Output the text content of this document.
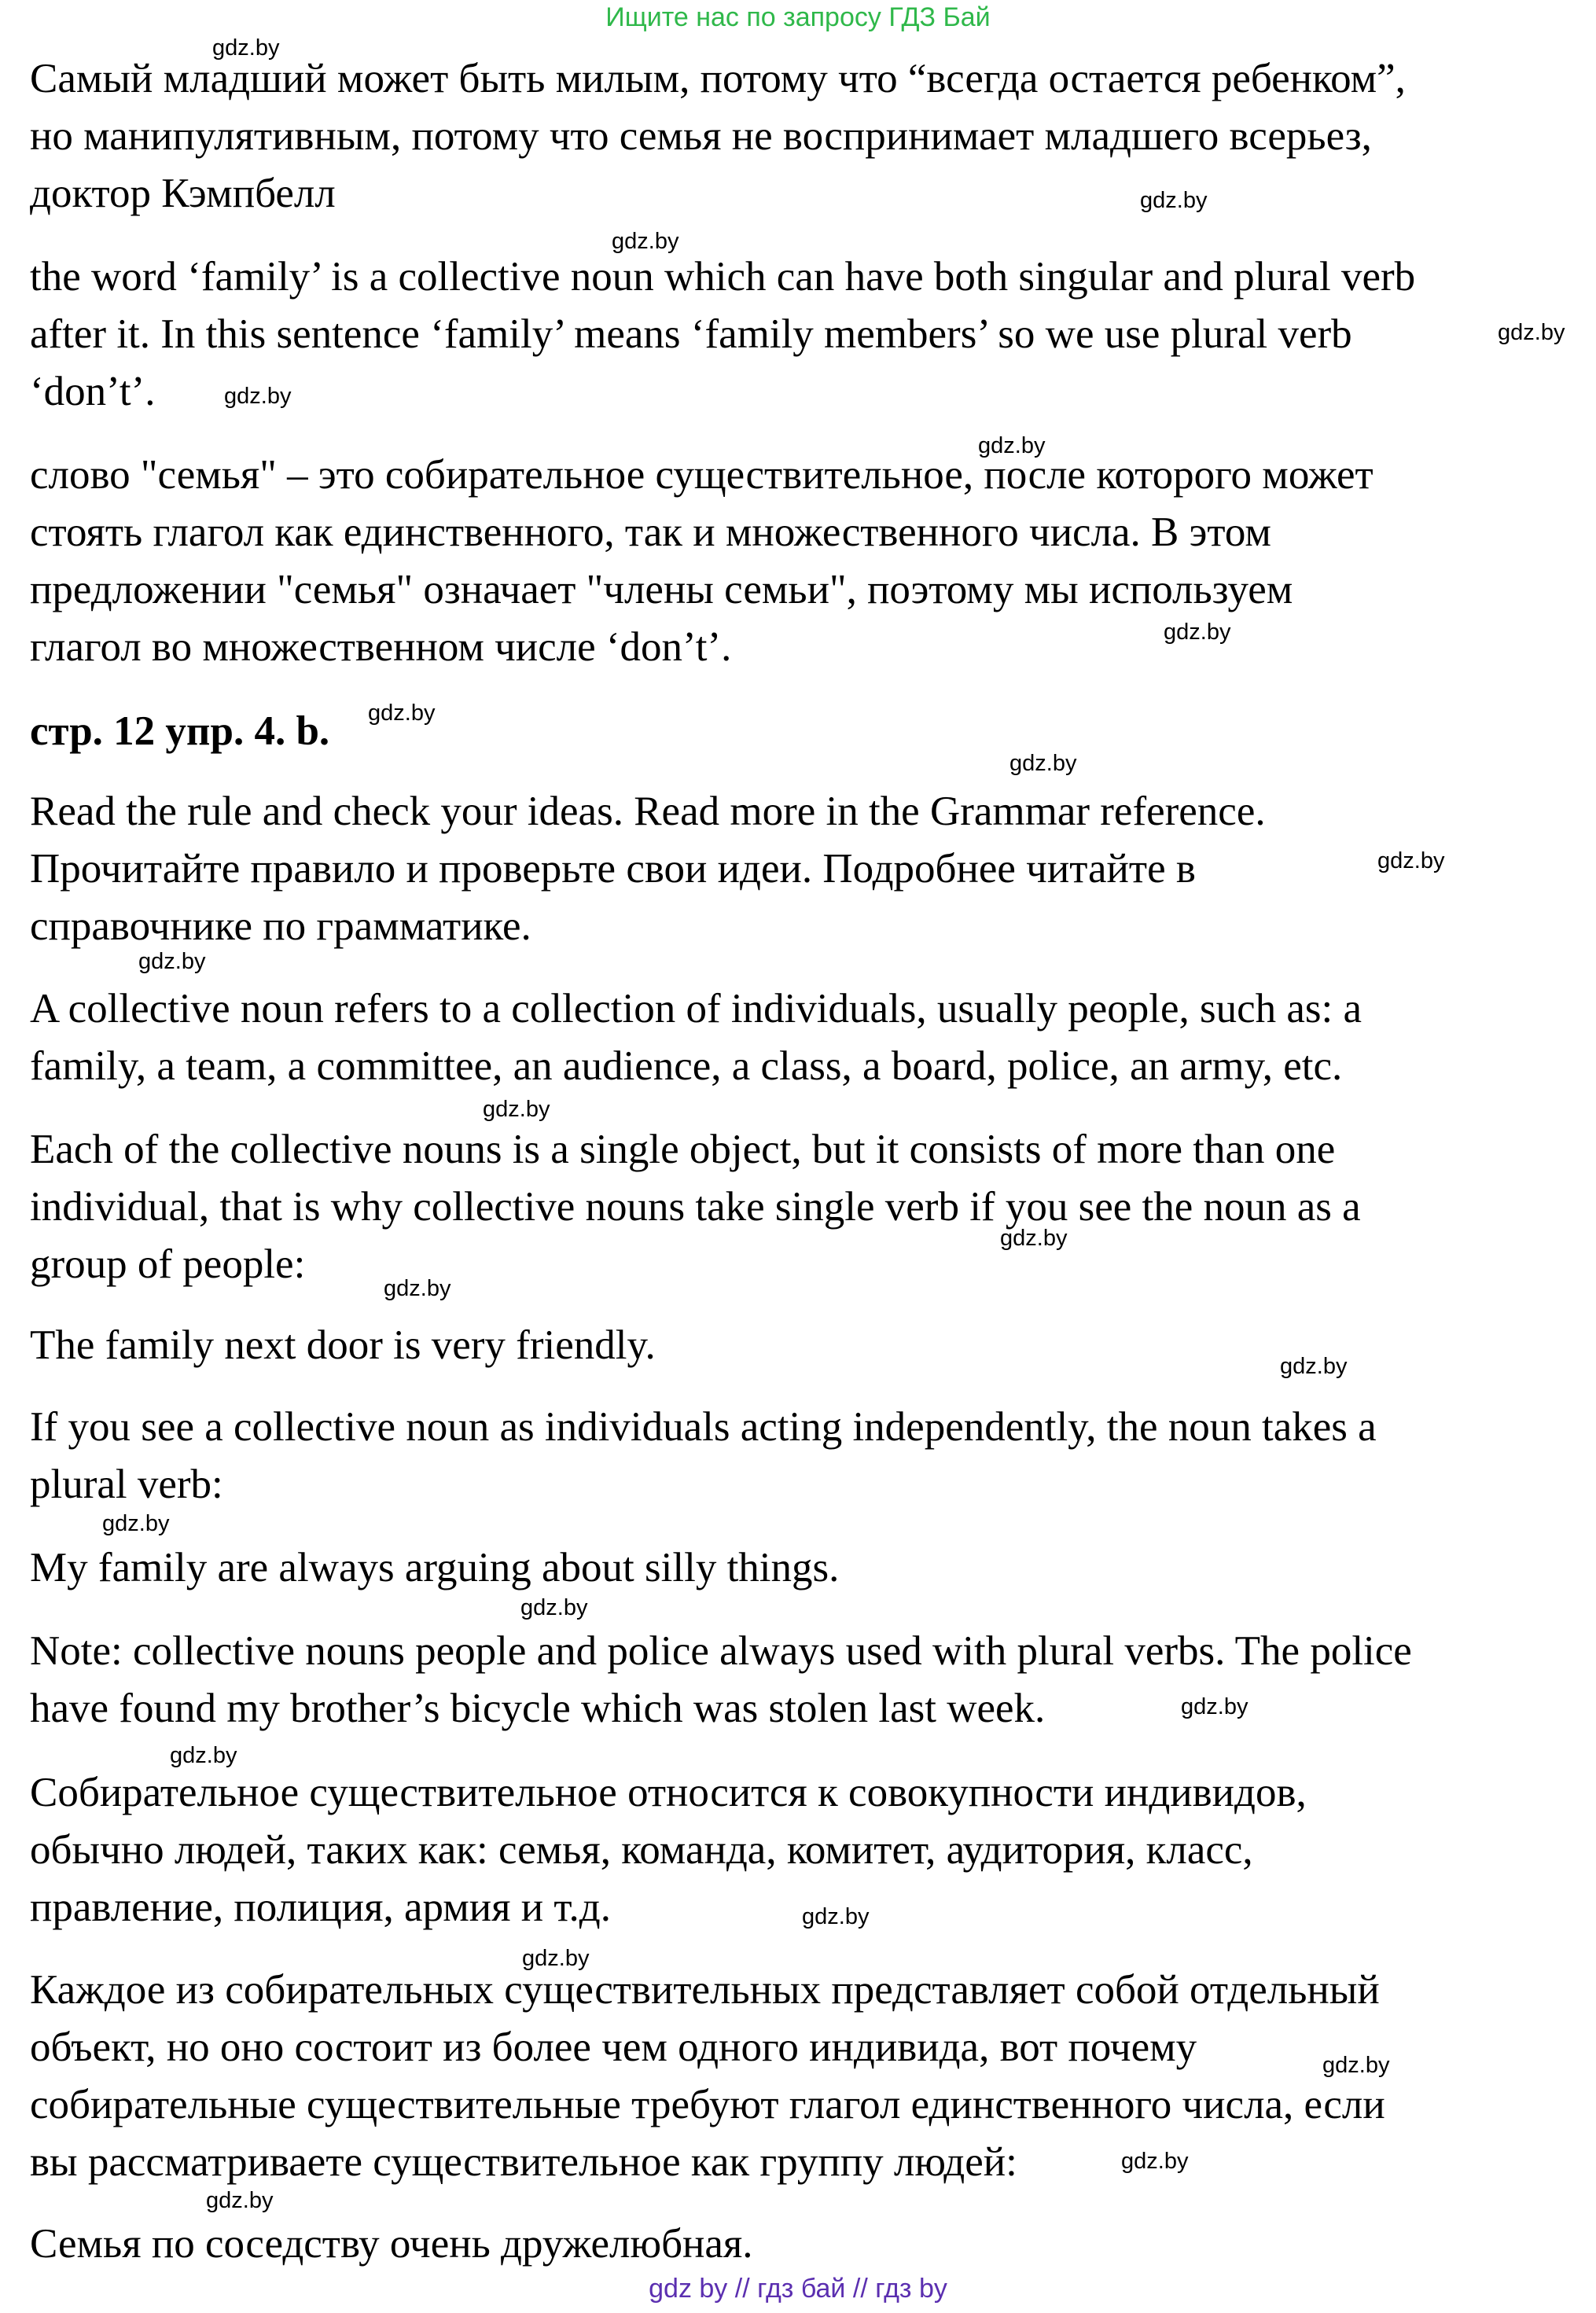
Ищите нас по запросу ГДЗ Бай
Самый младший может быть милым, потому что “всегда остается ребенком”,
но манипулятивным, потому что семья не воспринимает младшего всерьез,
доктор Кэмпбелл
the word ‘family’ is a collective noun which can have both singular and plural verb
after it. In this sentence ‘family’ means ‘family members’ so we use plural verb
‘don’t’.
слово "семья" – это собирательное существительное, после которого может
стоять глагол как единственного, так и множественного числа. В этом
предложении "семья" означает "члены семьи", поэтому мы используем
глагол во множественном числе ‘don’t’.
стр. 12 упр. 4. b.
Read the rule and check your ideas. Read more in the Grammar reference.
Прочитайте правило и проверьте свои идеи. Подробнее читайте в
справочнике по грамматике.
A collective noun refers to a collection of individuals, usually people, such as: a
family, a team, a committee, an audience, a class, a board, police, an army, etc.
Each of the collective nouns is a single object, but it consists of more than one
individual, that is why collective nouns take single verb if you see the noun as a
group of people:
The family next door is very friendly.
If you see a collective noun as individuals acting independently, the noun takes a
plural verb:
My family are always arguing about silly things.
Note: collective nouns people and police always used with plural verbs. The police
have found my brother’s bicycle which was stolen last week.
Собирательное существительное относится к совокупности индивидов,
обычно людей, таких как: семья, команда, комитет, аудитория, класс,
правление, полиция, армия и т.д.
Каждое из собирательных существительных представляет собой отдельный
объект, но оно состоит из более чем одного индивида, вот почему
собирательные существительные требуют глагол единственного числа, если
вы рассматриваете существительное как группу людей:
Семья по соседству очень дружелюбная.
gdz.by
gdz.by
gdz.by
gdz.by
gdz.by
gdz.by
gdz.by
gdz.by
gdz.by
gdz.by
gdz.by
gdz.by
gdz.by
gdz.by
gdz.by
gdz.by
gdz.by
gdz.by
gdz.by
gdz.by
gdz.by
gdz.by
gdz.by
gdz.by
gdz by // гдз бай // гдз by
